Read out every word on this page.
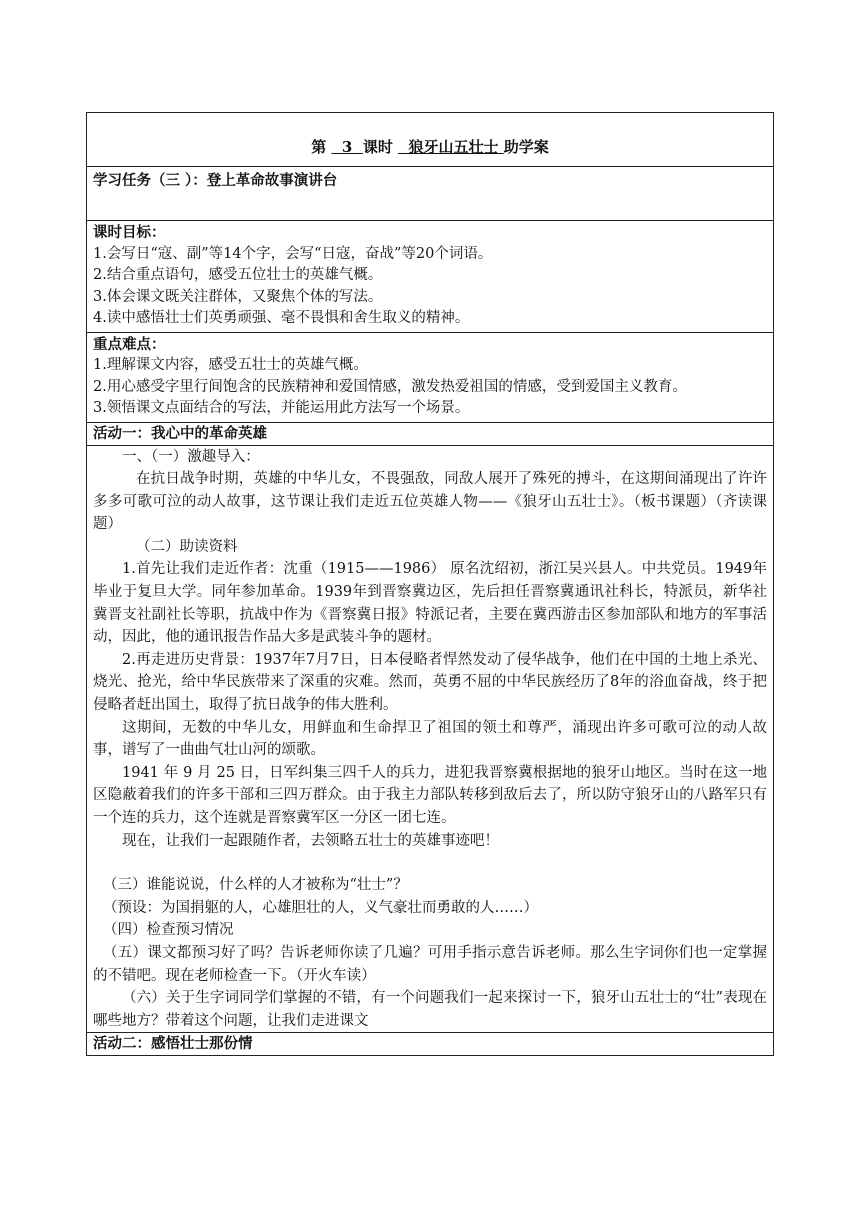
第
3 课时
狼牙山五壮士 助学案
学习任务（三 ）：登上革命故事演讲台
课时目标：
1.会写日“寇、副”等14个字，会写“日寇，奋战”等20个词语。
2.结合重点语句，感受五位壮士的英雄气概。
3.体会课文既关注群体，又聚焦个体的写法。
4.读中感悟壮士们英勇顽强、毫不畏惧和舍生取义的精神。
重点难点：
1.理解课文内容，感受五壮士的英雄气概。
2.用心感受字里行间饱含的民族精神和爱国情感，激发热爱祖国的情感，受到爱国主义教育。
3.领悟课文点面结合的写法，并能运用此方法写一个场景。
活动一：我心中的革命英雄

一、（一）激趣导入：

在抗日战争时期，英雄的中华儿女，不畏强敌，同敌人展开了殊死的搏斗，在这期间涌现出了许许多多可歌可泣的动人故事，这节课让我们走近五位英雄人物——《狼牙山五壮士》。（板书课题）（齐读课题）

（二）助读资料

1.首先让我们走近作者：沈重（1915——1986） 原名沈绍初，浙江吴兴县人。中共党员。1949年毕业于复旦大学。同年参加革命。1939年到晋察冀边区，先后担任晋察冀通讯社科长，特派员，新华社冀晋支社副社长等职，抗战中作为《晋察冀日报》特派记者，主要在冀西游击区参加部队和地方的军事活动，因此，他的通讯报告作品大多是武装斗争的题材。

2.再走进历史背景：1937年7月7日，日本侵略者悍然发动了侵华战争，他们在中国的土地上杀光、烧光、抢光，给中华民族带来了深重的灾难。然而，英勇不屈的中华民族经历了8年的浴血奋战，终于把侵略者赶出国土，取得了抗日战争的伟大胜利。

这期间，无数的中华儿女，用鲜血和生命捍卫了祖国的领土和尊严，涌现出许多可歌可泣的动人故事，谱写了一曲曲气壮山河的颂歌。

1941 年 9 月 25 日，日军纠集三四千人的兵力，进犯我晋察冀根据地的狼牙山地区。当时在这一地区隐蔽着我们的许多干部和三四万群众。由于我主力部队转移到敌后去了，所以防守狼牙山的八路军只有一个连的兵力，这个连就是晋察冀军区一分区一团七连。

现在，让我们一起跟随作者，去领略五壮士的英雄事迹吧！

（三）谁能说说，什么样的人才被称为“壮士”？

（预设：为国捐躯的人，心雄胆壮的人，义气豪壮而勇敢的人……）

（四）检查预习情况

（五）课文都预习好了吗？告诉老师你读了几遍？可用手指示意告诉老师。那么生字词你们也一定掌握的不错吧。现在老师检查一下。（开火车读）

（六）关于生字词同学们掌握的不错，有一个问题我们一起来探讨一下，狼牙山五壮士的“壮”表现在哪些地方？带着这个问题，让我们走进课文

活动二：感悟壮士那份情
